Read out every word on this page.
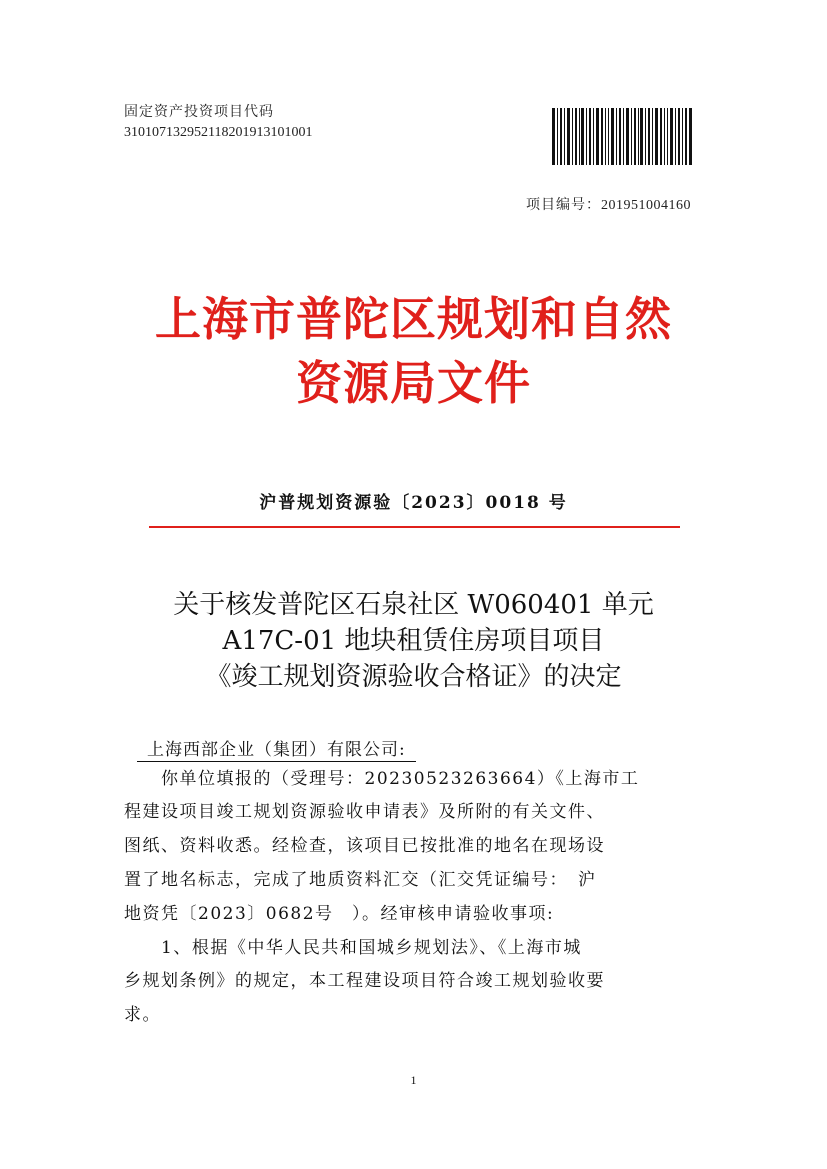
固定资产投资项目代码
310107132952118201913101001
项目编号：201951004160
上海市普陀区规划和自然
资源局文件
沪普规划资源验〔2023〕0018 号
关于核发普陀区石泉社区 W060401 单元
A17C-01 地块租赁住房项目项目
《竣工规划资源验收合格证》的决定
上海西部企业（集团）有限公司:
　　你单位填报的（受理号：20230523263664）《上海市工
程建设项目竣工规划资源验收申请表》及所附的有关文件、
图纸、资料收悉。经检查，该项目已按批准的地名在现场设
置了地名标志，完成了地质资料汇交（汇交凭证编号：　沪
地资凭〔2023〕0682号　）。经审核申请验收事项:
　　1、根据《中华人民共和国城乡规划法》、《上海市城
乡规划条例》的规定，本工程建设项目符合竣工规划验收要
求。
1
